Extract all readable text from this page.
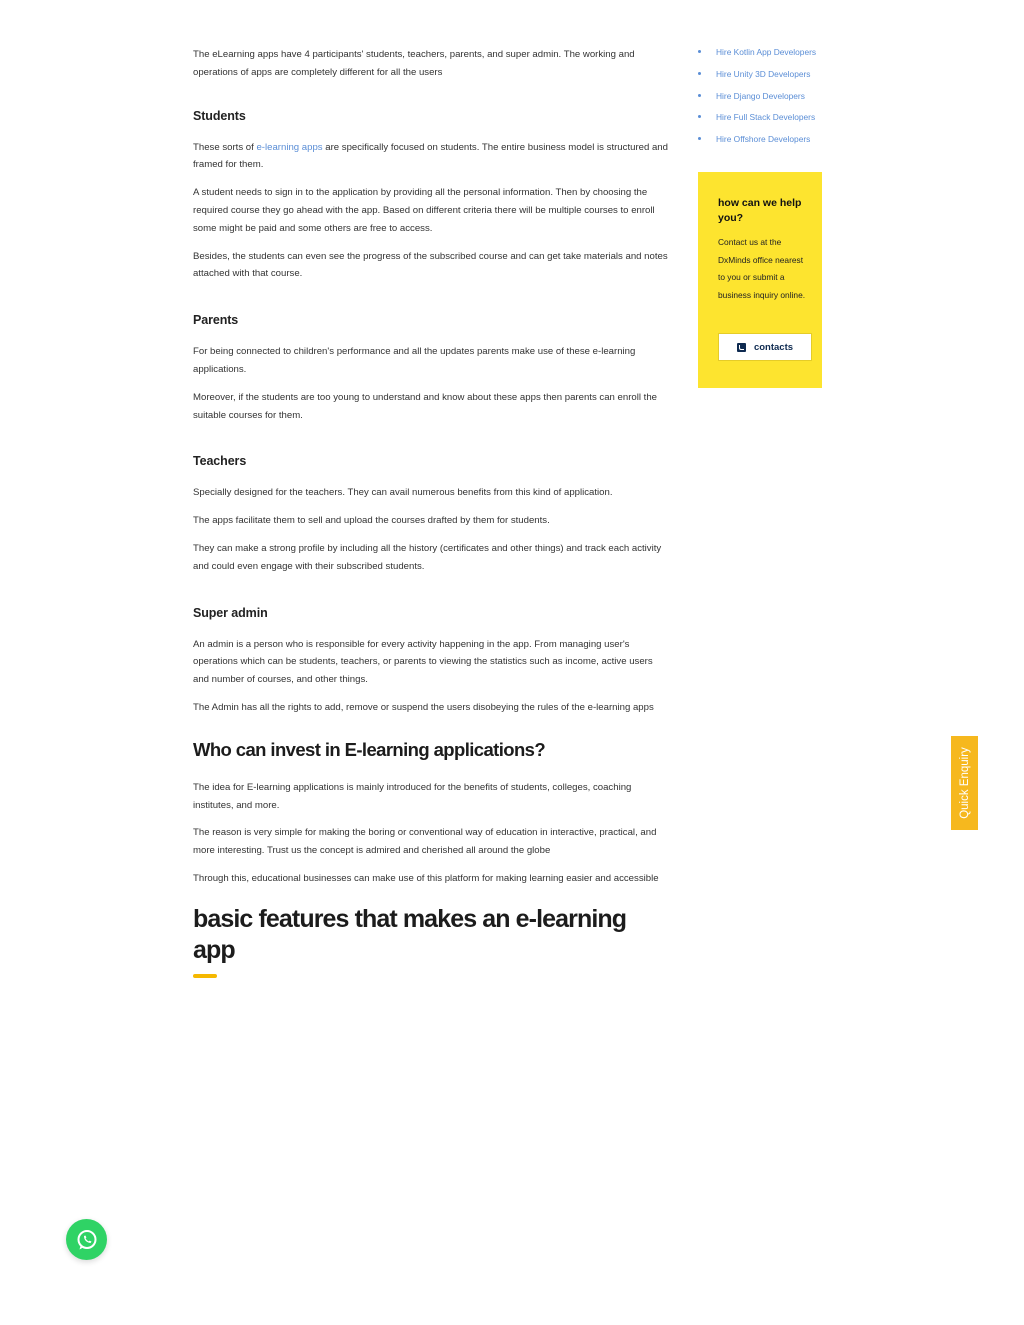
The eLearning apps have 4 participants' students, teachers, parents, and super admin. The working and operations of apps are completely different for all the users

Students

These sorts of e-learning apps are specifically focused on students. The entire business model is structured and framed for them.

A student needs to sign in to the application by providing all the personal information. Then by choosing the required course they go ahead with the app. Based on different criteria there will be multiple courses to enroll some might be paid and some others are free to access.

Besides, the students can even see the progress of the subscribed course and can get take materials and notes attached with that course.

Parents

For being connected to children's performance and all the updates parents make use of these e-learning applications.

Moreover, if the students are too young to understand and know about these apps then parents can enroll the suitable courses for them.

Teachers

Specially designed for the teachers. They can avail numerous benefits from this kind of application.

The apps facilitate them to sell and upload the courses drafted by them for students.

They can make a strong profile by including all the history (certificates and other things) and track each activity and could even engage with their subscribed students.

Super admin

An admin is a person who is responsible for every activity happening in the app. From managing user's operations which can be students, teachers, or parents to viewing the statistics such as income, active users and number of courses, and other things.

The Admin has all the rights to add, remove or suspend the users disobeying the rules of the e-learning apps

Who can invest in E-learning applications?

The idea for E-learning applications is mainly introduced for the benefits of students, colleges, coaching institutes, and more.

The reason is very simple for making the boring or conventional way of education in interactive, practical, and more interesting. Trust us the concept is admired and cherished all around the globe

Through this, educational businesses can make use of this platform for making learning easier and accessible

basic features that makes an e-learning app
Hire Kotlin App Developers
Hire Unity 3D Developers
Hire Django Developers
Hire Full Stack Developers
Hire Offshore Developers
how can we help you?
Contact us at the DxMinds office nearest to you or submit a business inquiry online.
contacts
Quick Enquiry
